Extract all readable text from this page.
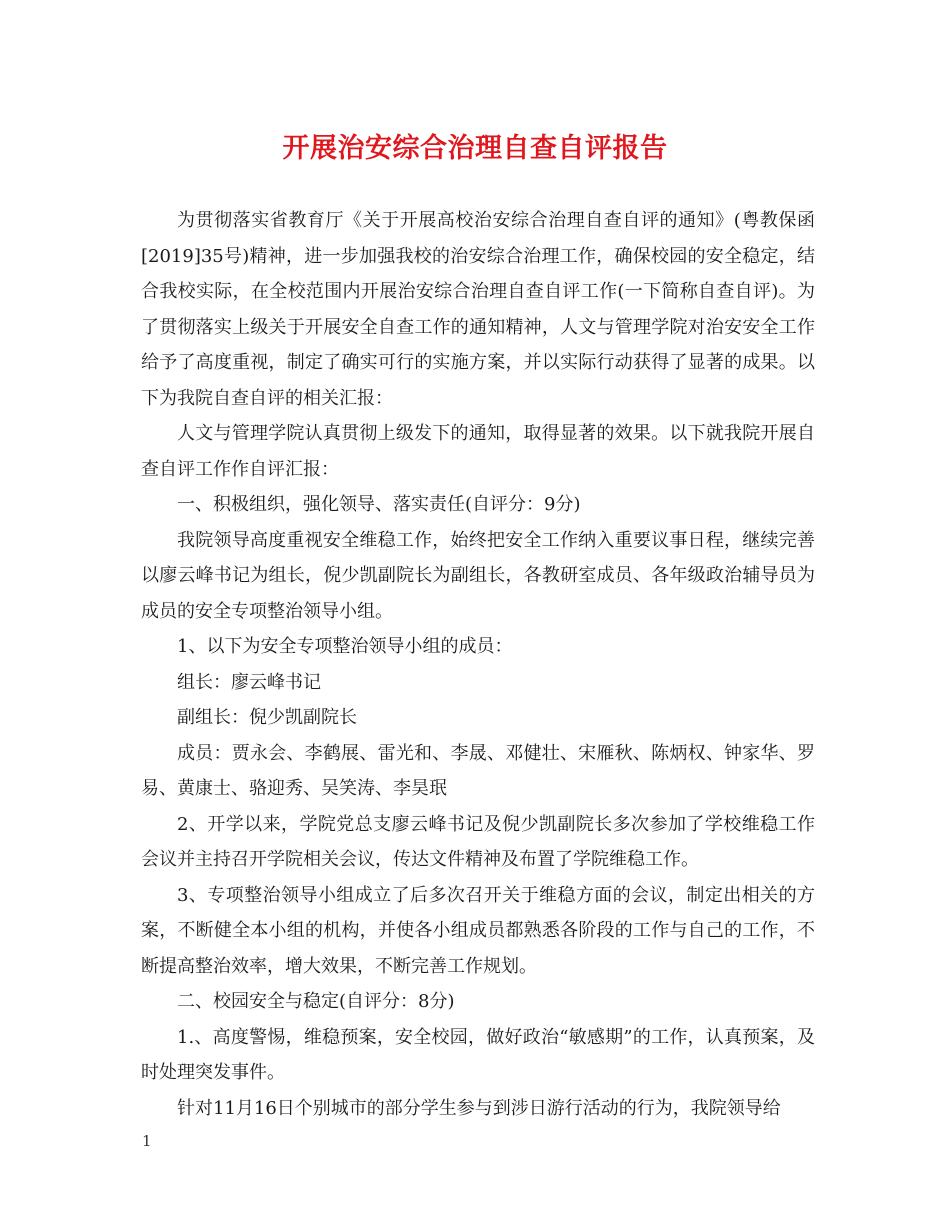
开展治安综合治理自查自评报告

为贯彻落实省教育厅《关于开展高校治安综合治理自查自评的通知》(粤教保函[2019]35号)精神，进一步加强我校的治安综合治理工作，确保校园的安全稳定，结合我校实际，在全校范围内开展治安综合治理自查自评工作(一下简称自查自评)。为了贯彻落实上级关于开展安全自查工作的通知精神，人文与管理学院对治安安全工作给予了高度重视，制定了确实可行的实施方案，并以实际行动获得了显著的成果。以下为我院自查自评的相关汇报：

人文与管理学院认真贯彻上级发下的通知，取得显著的效果。以下就我院开展自查自评工作作自评汇报：

一、积极组织，强化领导、落实责任(自评分：9分)

我院领导高度重视安全维稳工作，始终把安全工作纳入重要议事日程，继续完善以廖云峰书记为组长，倪少凯副院长为副组长，各教研室成员、各年级政治辅导员为成员的安全专项整治领导小组。

1、以下为安全专项整治领导小组的成员：

组长：廖云峰书记

副组长：倪少凯副院长

成员：贾永会、李鹤展、雷光和、李晟、邓健壮、宋雁秋、陈炳权、钟家华、罗易、黄康士、骆迎秀、吴笑涛、李昊珉

2、开学以来，学院党总支廖云峰书记及倪少凯副院长多次参加了学校维稳工作会议并主持召开学院相关会议，传达文件精神及布置了学院维稳工作。

3、专项整治领导小组成立了后多次召开关于维稳方面的会议，制定出相关的方案，不断健全本小组的机构，并使各小组成员都熟悉各阶段的工作与自己的工作，不断提高整治效率，增大效果，不断完善工作规划。

二、校园安全与稳定(自评分：8分)

1.、高度警惕，维稳预案，安全校园，做好政治“敏感期”的工作，认真预案，及时处理突发事件。

针对11月16日个别城市的部分学生参与到涉日游行活动的行为，我院领导给

1
